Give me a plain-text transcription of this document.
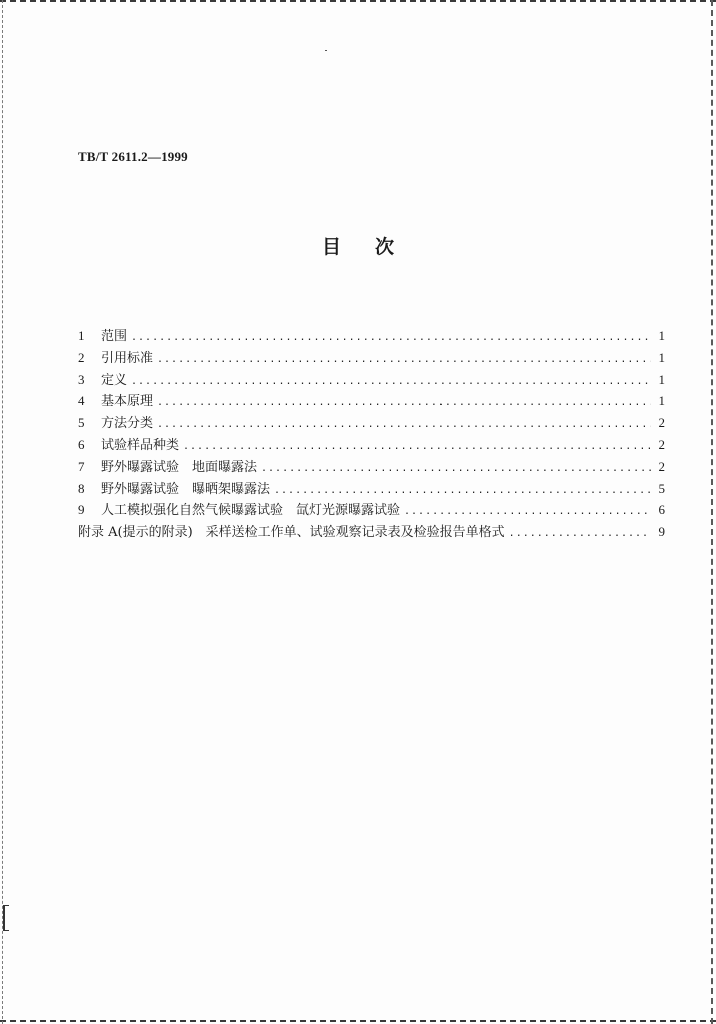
TB/T 2611.2—1999
目 次
1	范围 .....	1
2	引用标准 .....	1
3	定义 .....	1
4	基本原理 .....	1
5	方法分类 .....	2
6	试验样品种类 .....	2
7	野外曝露试验　地面曝露法 .....	2
8	野外曝露试验　曝晒架曝露法 .....	5
9	人工模拟强化自然气候曝露试验　氙灯光源曝露试验 .....	6
附录 A(提示的附录)　采样送检工作单、试验观察记录表及检验报告单格式 .....	9
